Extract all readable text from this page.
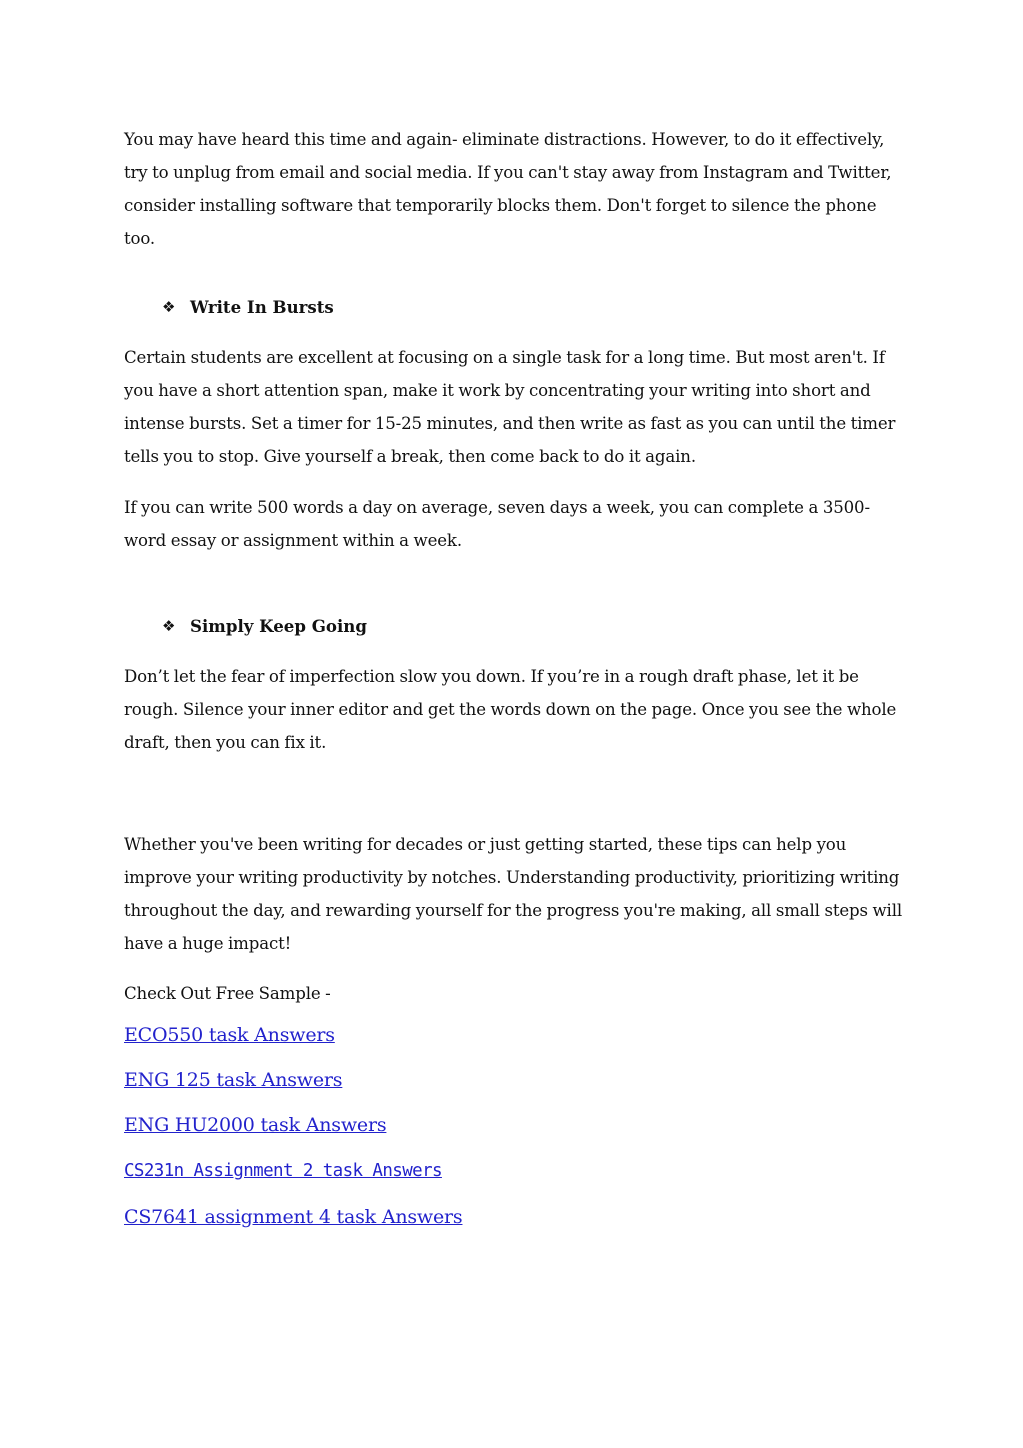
You may have heard this time and again- eliminate distractions. However, to do it effectively, try to unplug from email and social media. If you can't stay away from Instagram and Twitter, consider installing software that temporarily blocks them. Don't forget to silence the phone too.

❖ Write In Bursts

Certain students are excellent at focusing on a single task for a long time. But most aren't. If you have a short attention span, make it work by concentrating your writing into short and intense bursts. Set a timer for 15-25 minutes, and then write as fast as you can until the timer tells you to stop. Give yourself a break, then come back to do it again.

If you can write 500 words a day on average, seven days a week, you can complete a 3500-word essay or assignment within a week.

❖ Simply Keep Going

Don’t let the fear of imperfection slow you down. If you’re in a rough draft phase, let it be rough. Silence your inner editor and get the words down on the page. Once you see the whole draft, then you can fix it.

Whether you've been writing for decades or just getting started, these tips can help you improve your writing productivity by notches. Understanding productivity, prioritizing writing throughout the day, and rewarding yourself for the progress you're making, all small steps will have a huge impact!

Check Out Free Sample -

ECO550 task Answers
ENG 125 task Answers
ENG HU2000 task Answers
CS231n Assignment 2 task Answers
CS7641 assignment 4 task Answers
